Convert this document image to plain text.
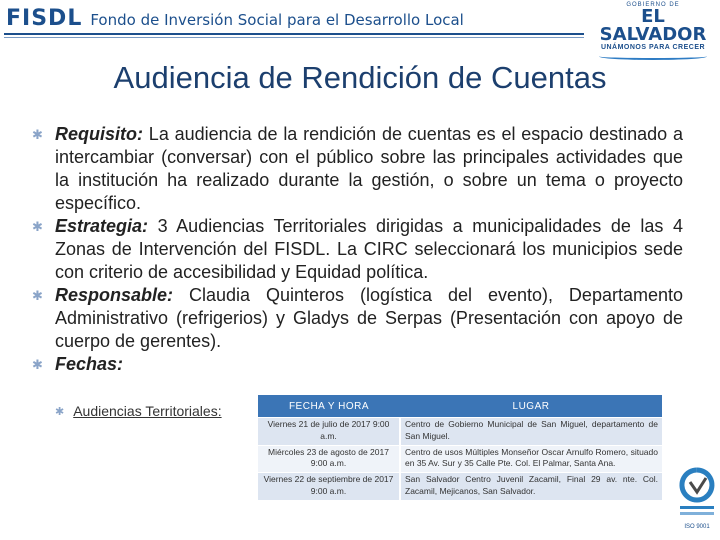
FISDL Fondo de Inversión Social para el Desarrollo Local
GOBIERNO DE
EL SALVADOR
UNÁMONOS PARA CRECER
Audiencia de Rendición de Cuentas
✱ Requisito: La audiencia de la rendición de cuentas es el espacio destinado a intercambiar (conversar) con el público sobre las principales actividades que la institución ha realizado durante la gestión, o sobre un tema o proyecto específico.
✱ Estrategia: 3 Audiencias Territoriales dirigidas a municipalidades de las 4 Zonas de Intervención del FISDL. La CIRC seleccionará los municipios sede con criterio de accesibilidad y Equidad política.
✱ Responsable: Claudia Quinteros (logística del evento), Departamento Administrativo (refrigerios) y Gladys de Serpas (Presentación con apoyo de cuerpo de gerentes).
✱ Fechas:
✱ Audiencias Territoriales:	FECHA Y HORA	LUGAR
Viernes 21 de julio de 2017 9:00 a.m.	Centro de Gobierno Municipal de San Miguel, departamento de San Miguel.
Miércoles 23 de agosto de 2017 9:00 a.m.	Centro de usos Múltiples Monseñor Oscar Arnulfo Romero, situado en 35 Av. Sur y 35 Calle Pte. Col. El Palmar, Santa Ana.
Viernes 22 de septiembre de 2017 9:00 a.m.	San Salvador Centro Juvenil Zacamil, Final 29 av. nte. Col. Zacamil, Mejicanos, San Salvador.
ISO 9001
